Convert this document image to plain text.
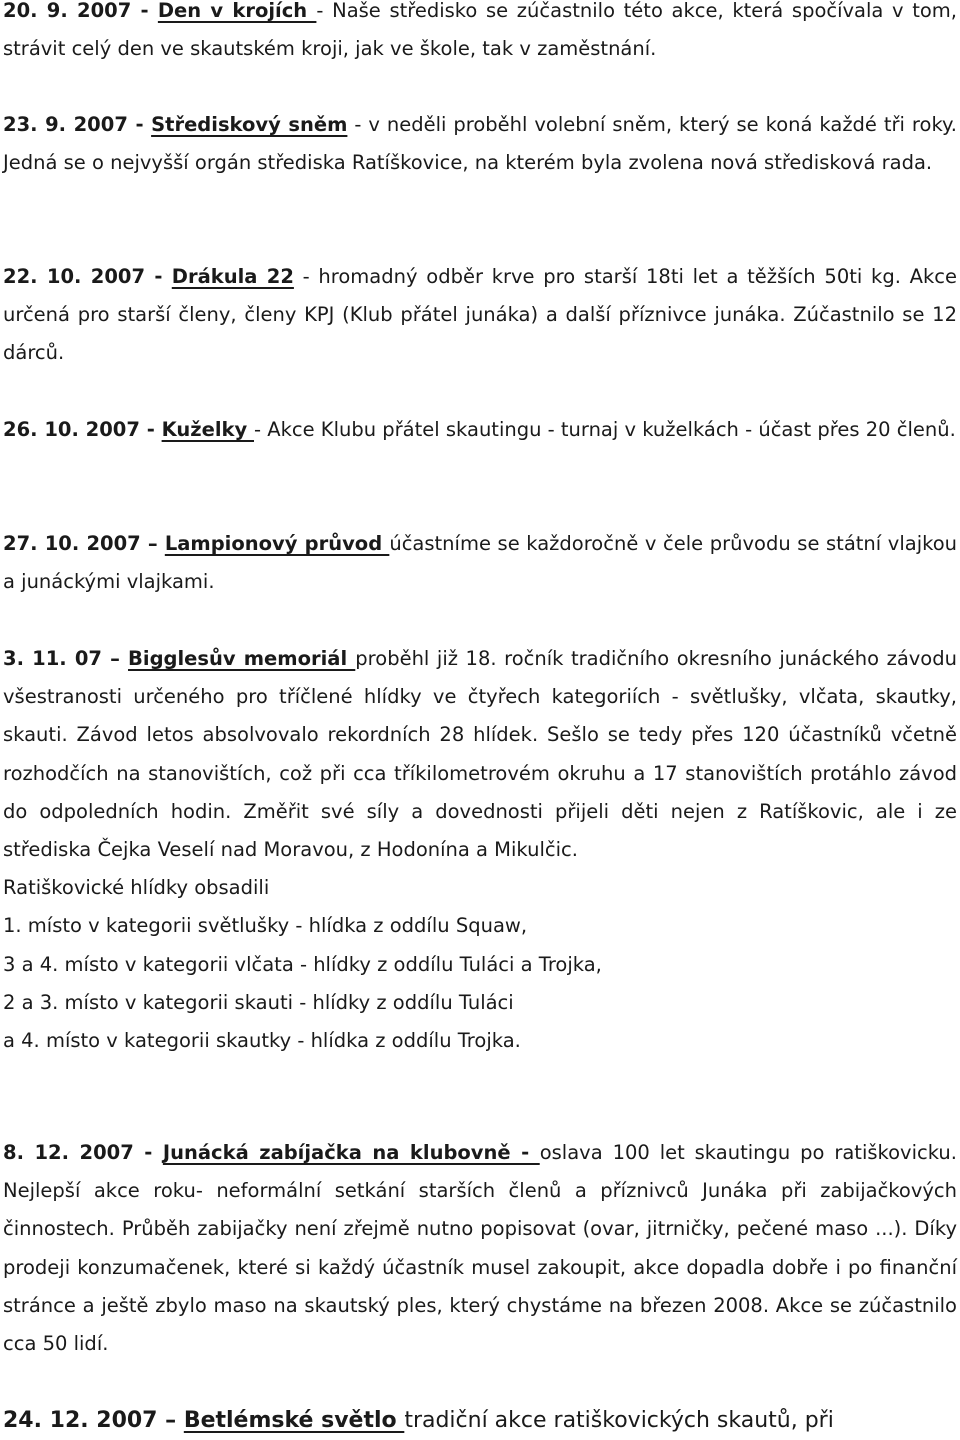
20. 9. 2007 - Den v krojích - Naše středisko se zúčastnilo této akce, která spočívala v tom, strávit celý den ve skautském kroji, jak ve škole, tak v zaměstnání.

23. 9. 2007 - Střediskový sněm - v neděli proběhl volební sněm, který se koná každé tři roky. Jedná se o nejvyšší orgán střediska Ratíškovice, na kterém byla zvolena nová středisková rada.

22. 10. 2007 - Drákula 22 - hromadný odběr krve pro starší 18ti let a těžších 50ti kg. Akce určená pro starší členy, členy KPJ (Klub přátel junáka) a další příznivce junáka. Zúčastnilo se 12 dárců.

26. 10. 2007 - Kuželky - Akce Klubu přátel skautingu - turnaj v kuželkách - účast přes 20 členů.

27. 10. 2007 – Lampionový průvod účastníme se každoročně v čele průvodu se státní vlajkou a junáckými vlajkami.

3. 11. 07 – Bigglesův memoriál proběhl již 18. ročník tradičního okresního junáckého závodu všestranosti určeného pro tříčlené hlídky ve čtyřech kategoriích - světlušky, vlčata, skautky, skauti. Závod letos absolvovalo rekordních 28 hlídek. Sešlo se tedy přes 120 účastníků včetně rozhodčích na stanovištích, což při cca tříkilometrovém okruhu a 17 stanovištích protáhlo závod do odpoledních hodin. Změřit své síly a dovednosti přijeli děti nejen z Ratíškovic, ale i ze střediska Čejka Veselí nad Moravou, z Hodonína a Mikulčic.

Ratiškovické hlídky obsadili

1. místo v kategorii světlušky - hlídka z oddílu Squaw,

3 a 4. místo v kategorii vlčata - hlídky z oddílu Tuláci a Trojka,

2 a 3. místo v kategorii skauti - hlídky z oddílu Tuláci

a 4. místo v kategorii skautky - hlídka z oddílu Trojka.

8. 12. 2007 - Junácká zabíjačka na klubovně - oslava 100 let skautingu po ratiškovicku. Nejlepší akce roku- neformální setkání starších členů a příznivců Junáka při zabijačkových činnostech. Průběh zabijačky není zřejmě nutno popisovat (ovar, jitrničky, pečené maso ...). Díky prodeji konzumačenek, které si každý účastník musel zakoupit, akce dopadla dobře i po finanční stránce a ještě zbylo maso na skautský ples, který chystáme na březen 2008. Akce se zúčastnilo cca 50 lidí.

24. 12. 2007 – Betlémské světlo tradiční akce ratiškovických skautů, při
